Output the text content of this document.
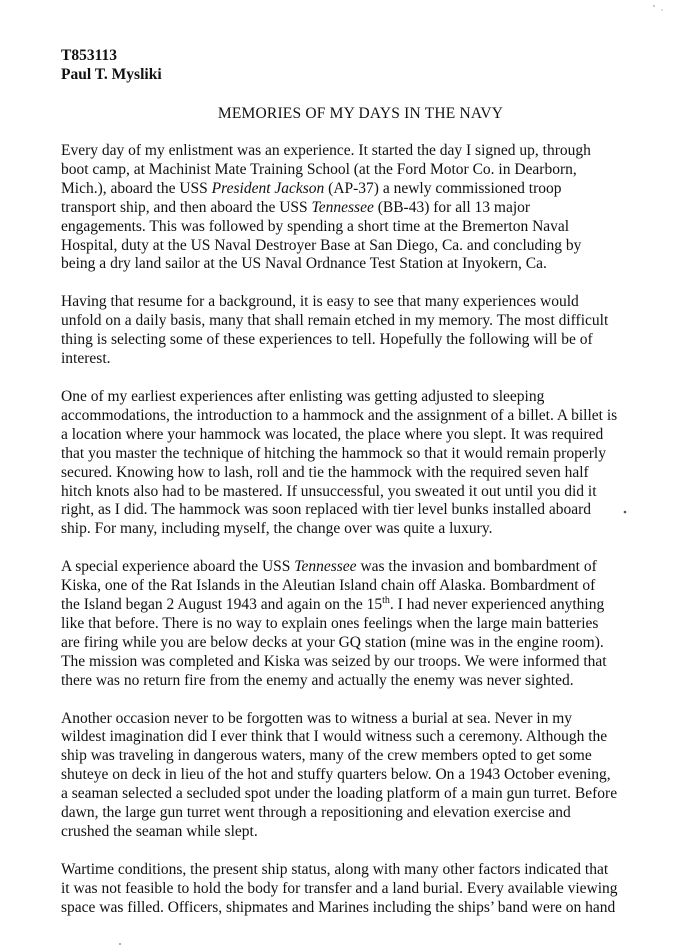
T853113

Paul T. Mysliki

MEMORIES OF MY DAYS IN THE NAVY

Every day of my enlistment was an experience. It started the day I signed up, through
boot camp, at Machinist Mate Training School (at the Ford Motor Co. in Dearborn,
Mich.), aboard the USS President Jackson (AP-37) a newly commissioned troop
transport ship, and then aboard the USS Tennessee (BB-43) for all 13 major
engagements. This was followed by spending a short time at the Bremerton Naval
Hospital, duty at the US Naval Destroyer Base at San Diego, Ca. and concluding by
being a dry land sailor at the US Naval Ordnance Test Station at Inyokern, Ca.

Having that resume for a background, it is easy to see that many experiences would
unfold on a daily basis, many that shall remain etched in my memory. The most difficult
thing is selecting some of these experiences to tell. Hopefully the following will be of
interest.

One of my earliest experiences after enlisting was getting adjusted to sleeping
accommodations, the introduction to a hammock and the assignment of a billet. A billet is
a location where your hammock was located, the place where you slept. It was required
that you master the technique of hitching the hammock so that it would remain properly
secured. Knowing how to lash, roll and tie the hammock with the required seven half
hitch knots also had to be mastered. If unsuccessful, you sweated it out until you did it
right, as I did. The hammock was soon replaced with tier level bunks installed aboard
ship. For many, including myself, the change over was quite a luxury.

A special experience aboard the USS Tennessee was the invasion and bombardment of
Kiska, one of the Rat Islands in the Aleutian Island chain off Alaska. Bombardment of
the Island began 2 August 1943 and again on the 15th. I had never experienced anything
like that before. There is no way to explain ones feelings when the large main batteries
are firing while you are below decks at your GQ station (mine was in the engine room).
The mission was completed and Kiska was seized by our troops. We were informed that
there was no return fire from the enemy and actually the enemy was never sighted.

Another occasion never to be forgotten was to witness a burial at sea. Never in my
wildest imagination did I ever think that I would witness such a ceremony. Although the
ship was traveling in dangerous waters, many of the crew members opted to get some
shuteye on deck in lieu of the hot and stuffy quarters below. On a 1943 October evening,
a seaman selected a secluded spot under the loading platform of a main gun turret. Before
dawn, the large gun turret went through a repositioning and elevation exercise and
crushed the seaman while slept.

Wartime conditions, the present ship status, along with many other factors indicated that
it was not feasible to hold the body for transfer and a land burial. Every available viewing
space was filled. Officers, shipmates and Marines including the ships’ band were on hand
